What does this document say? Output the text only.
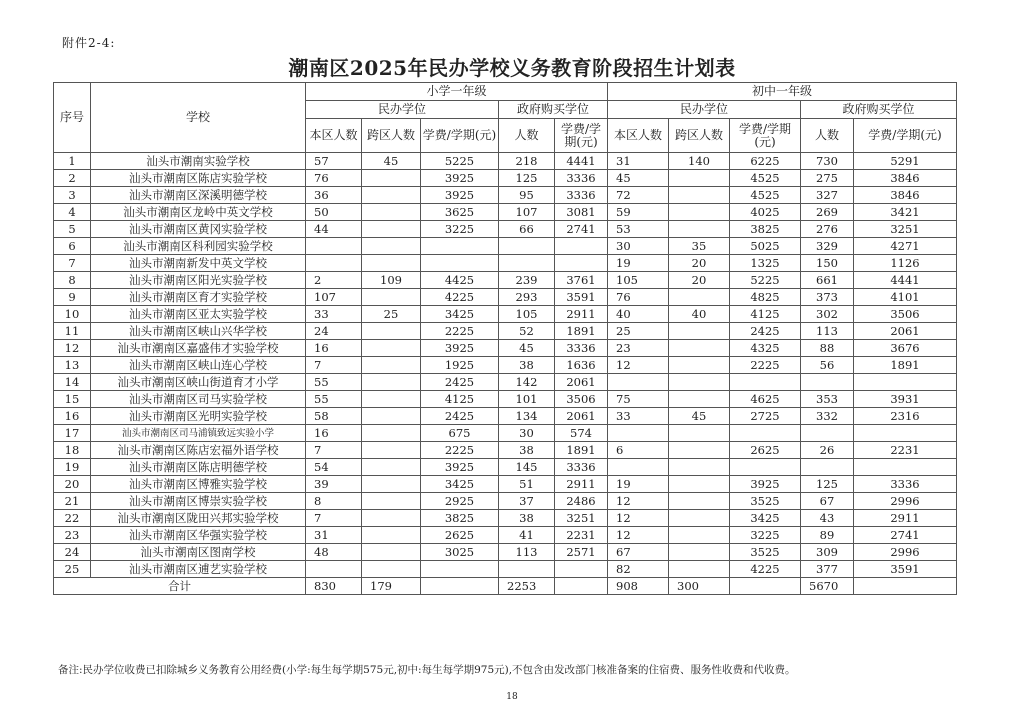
附件2-4:
潮南区2025年民办学校义务教育阶段招生计划表
序号	学校	小学一年级					初中一年级				
		民办学位			政府购买学位		民办学位			政府购买学位	
		本区人数	跨区人数	学费/学期(元)	人数	学费/学期(元)	本区人数	跨区人数	学费/学期(元)	人数	学费/学期(元)
1	汕头市潮南实验学校	57	45	5225	218	4441	31	140	6225	730	5291
2	汕头市潮南区陈店实验学校	76		3925	125	3336	45		4525	275	3846
3	汕头市潮南区深溪明德学校	36		3925	95	3336	72		4525	327	3846
4	汕头市潮南区龙岭中英文学校	50		3625	107	3081	59		4025	269	3421
5	汕头市潮南区黄冈实验学校	44		3225	66	2741	53		3825	276	3251
6	汕头市潮南区科利园实验学校						30	35	5025	329	4271
7	汕头市潮南新发中英文学校						19	20	1325	150	1126
8	汕头市潮南区阳光实验学校	2	109	4425	239	3761	105	20	5225	661	4441
9	汕头市潮南区育才实验学校	107		4225	293	3591	76		4825	373	4101
10	汕头市潮南区亚太实验学校	33	25	3425	105	2911	40	40	4125	302	3506
11	汕头市潮南区峡山兴华学校	24		2225	52	1891	25		2425	113	2061
12	汕头市潮南区嘉盛伟才实验学校	16		3925	45	3336	23		4325	88	3676
13	汕头市潮南区峡山连心学校	7		1925	38	1636	12		2225	56	1891
14	汕头市潮南区峡山街道育才小学	55		2425	142	2061					
15	汕头市潮南区司马实验学校	55		4125	101	3506	75		4625	353	3931
16	汕头市潮南区光明实验学校	58		2425	134	2061	33	45	2725	332	2316
17	汕头市潮南区司马浦镇致远实验小学	16		675	30	574					
18	汕头市潮南区陈店宏福外语学校	7		2225	38	1891	6		2625	26	2231
19	汕头市潮南区陈店明德学校	54		3925	145	3336					
20	汕头市潮南区博雅实验学校	39		3425	51	2911	19		3925	125	3336
21	汕头市潮南区博崇实验学校	8		2925	37	2486	12		3525	67	2996
22	汕头市潮南区陇田兴邦实验学校	7		3825	38	3251	12		3425	43	2911
23	汕头市潮南区华强实验学校	31		2625	41	2231	12		3225	89	2741
24	汕头市潮南区图南学校	48		3025	113	2571	67		3525	309	2996
25	汕头市潮南区逋艺实验学校						82		4225	377	3591
合计		830	179		2253		908	300		5670	
备注:民办学位收费已扣除城乡义务教育公用经费(小学:每生每学期575元,初中:每生每学期975元),不包含由发改部门核准备案的住宿费、服务性收费和代收费。
18
